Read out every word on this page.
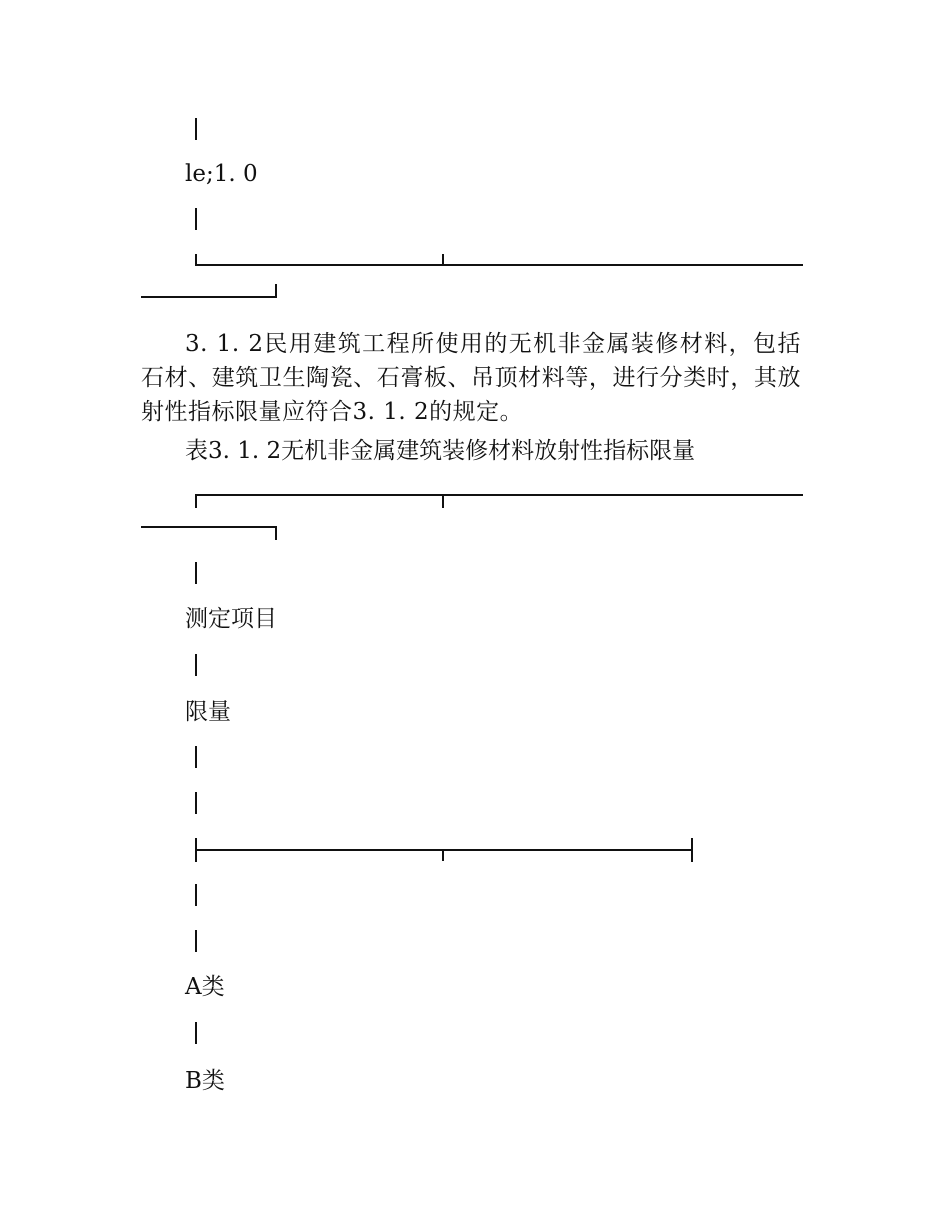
le;1. 0

3. 1. 2民用建筑工程所使用的无机非金属装修材料，包括石材、建筑卫生陶瓷、石膏板、吊顶材料等，进行分类时，其放射性指标限量应符合3. 1. 2的规定。

表3. 1. 2无机非金属建筑装修材料放射性指标限量

测定项目

限量

A类

B类
